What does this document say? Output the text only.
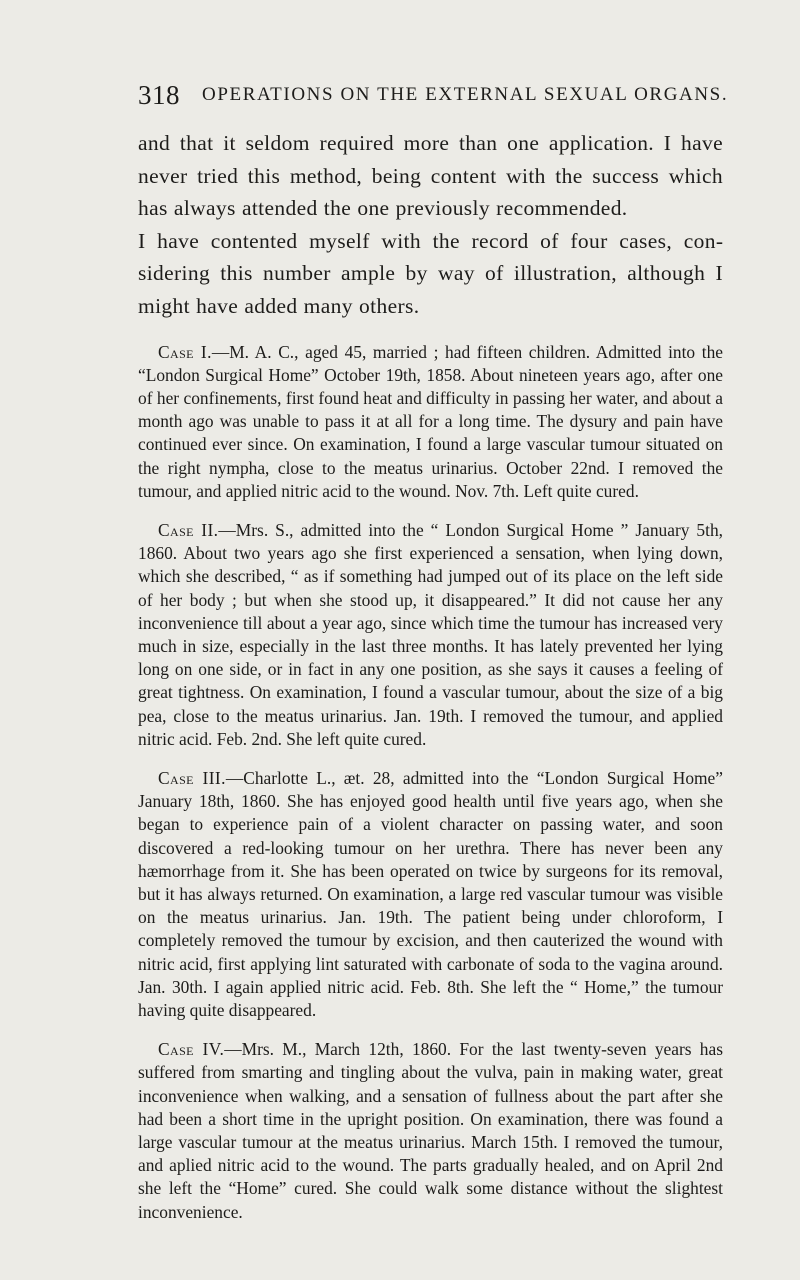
318 OPERATIONS ON THE EXTERNAL SEXUAL ORGANS.

and that it seldom required more than one application. I have never tried this method, being content with the success which has always attended the one previously recommended.

I have contented myself with the record of four cases, considering this number ample by way of illustration, although I might have added many others.

Case I.—M. A. C., aged 45, married ; had fifteen children. Admitted into the “London Surgical Home” October 19th, 1858. About nineteen years ago, after one of her confinements, first found heat and difficulty in passing her water, and about a month ago was unable to pass it at all for a long time. The dysury and pain have continued ever since. On examination, I found a large vascular tumour situated on the right nympha, close to the meatus urinarius. October 22nd. I removed the tumour, and applied nitric acid to the wound. Nov. 7th. Left quite cured.

Case II.—Mrs. S., admitted into the “ London Surgical Home ” January 5th, 1860. About two years ago she first experienced a sensation, when lying down, which she described, “ as if something had jumped out of its place on the left side of her body ; but when she stood up, it disappeared.” It did not cause her any inconvenience till about a year ago, since which time the tumour has increased very much in size, especially in the last three months. It has lately prevented her lying long on one side, or in fact in any one position, as she says it causes a feeling of great tightness. On examination, I found a vascular tumour, about the size of a big pea, close to the meatus urinarius. Jan. 19th. I removed the tumour, and applied nitric acid. Feb. 2nd. She left quite cured.

Case III.—Charlotte L., æt. 28, admitted into the “London Surgical Home” January 18th, 1860. She has enjoyed good health until five years ago, when she began to experience pain of a violent character on passing water, and soon discovered a red-looking tumour on her urethra. There has never been any hæmorrhage from it. She has been operated on twice by surgeons for its removal, but it has always returned. On examination, a large red vascular tumour was visible on the meatus urinarius. Jan. 19th. The patient being under chloroform, I completely removed the tumour by excision, and then cauterized the wound with nitric acid, first applying lint saturated with carbonate of soda to the vagina around. Jan. 30th. I again applied nitric acid. Feb. 8th. She left the “ Home,” the tumour having quite disappeared.

Case IV.—Mrs. M., March 12th, 1860. For the last twenty-seven years has suffered from smarting and tingling about the vulva, pain in making water, great inconvenience when walking, and a sensation of fullness about the part after she had been a short time in the upright position. On examination, there was found a large vascular tumour at the meatus urinarius. March 15th. I removed the tumour, and aplied nitric acid to the wound. The parts gradually healed, and on April 2nd she left the “Home” cured. She could walk some distance without the slightest inconvenience.
